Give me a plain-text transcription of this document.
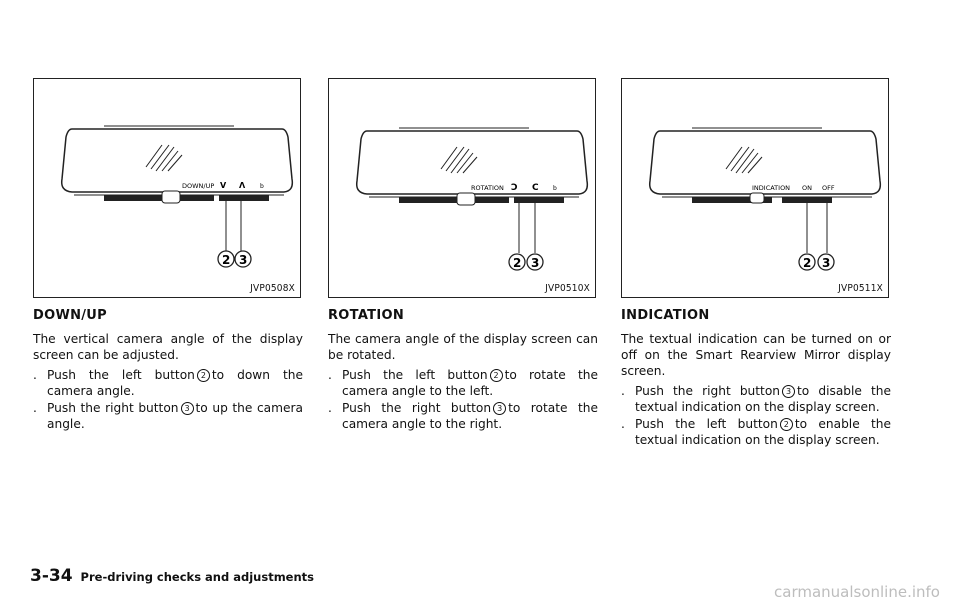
DOWN/UP V Λ b
2 3
JVP0508X
DOWN/UP

The vertical camera angle of the display screen can be adjusted.

. Push the left button 2 to down the camera angle.
. Push the right button 3 to up the camera angle.
ROTATION Ↄ C b
2 3
JVP0510X
ROTATION

The camera angle of the display screen can be rotated.

. Push the left button 2 to rotate the camera angle to the left.
. Push the right button 3 to rotate the camera angle to the right.
INDICATION ON OFF
2 3
JVP0511X
INDICATION

The textual indication can be turned on or off on the Smart Rearview Mirror display screen.

. Push the right button 3 to disable the textual indication on the display screen.
. Push the left button 2 to enable the textual indication on the display screen.
3-34 Pre-driving checks and adjustments
carmanualsonline.info
